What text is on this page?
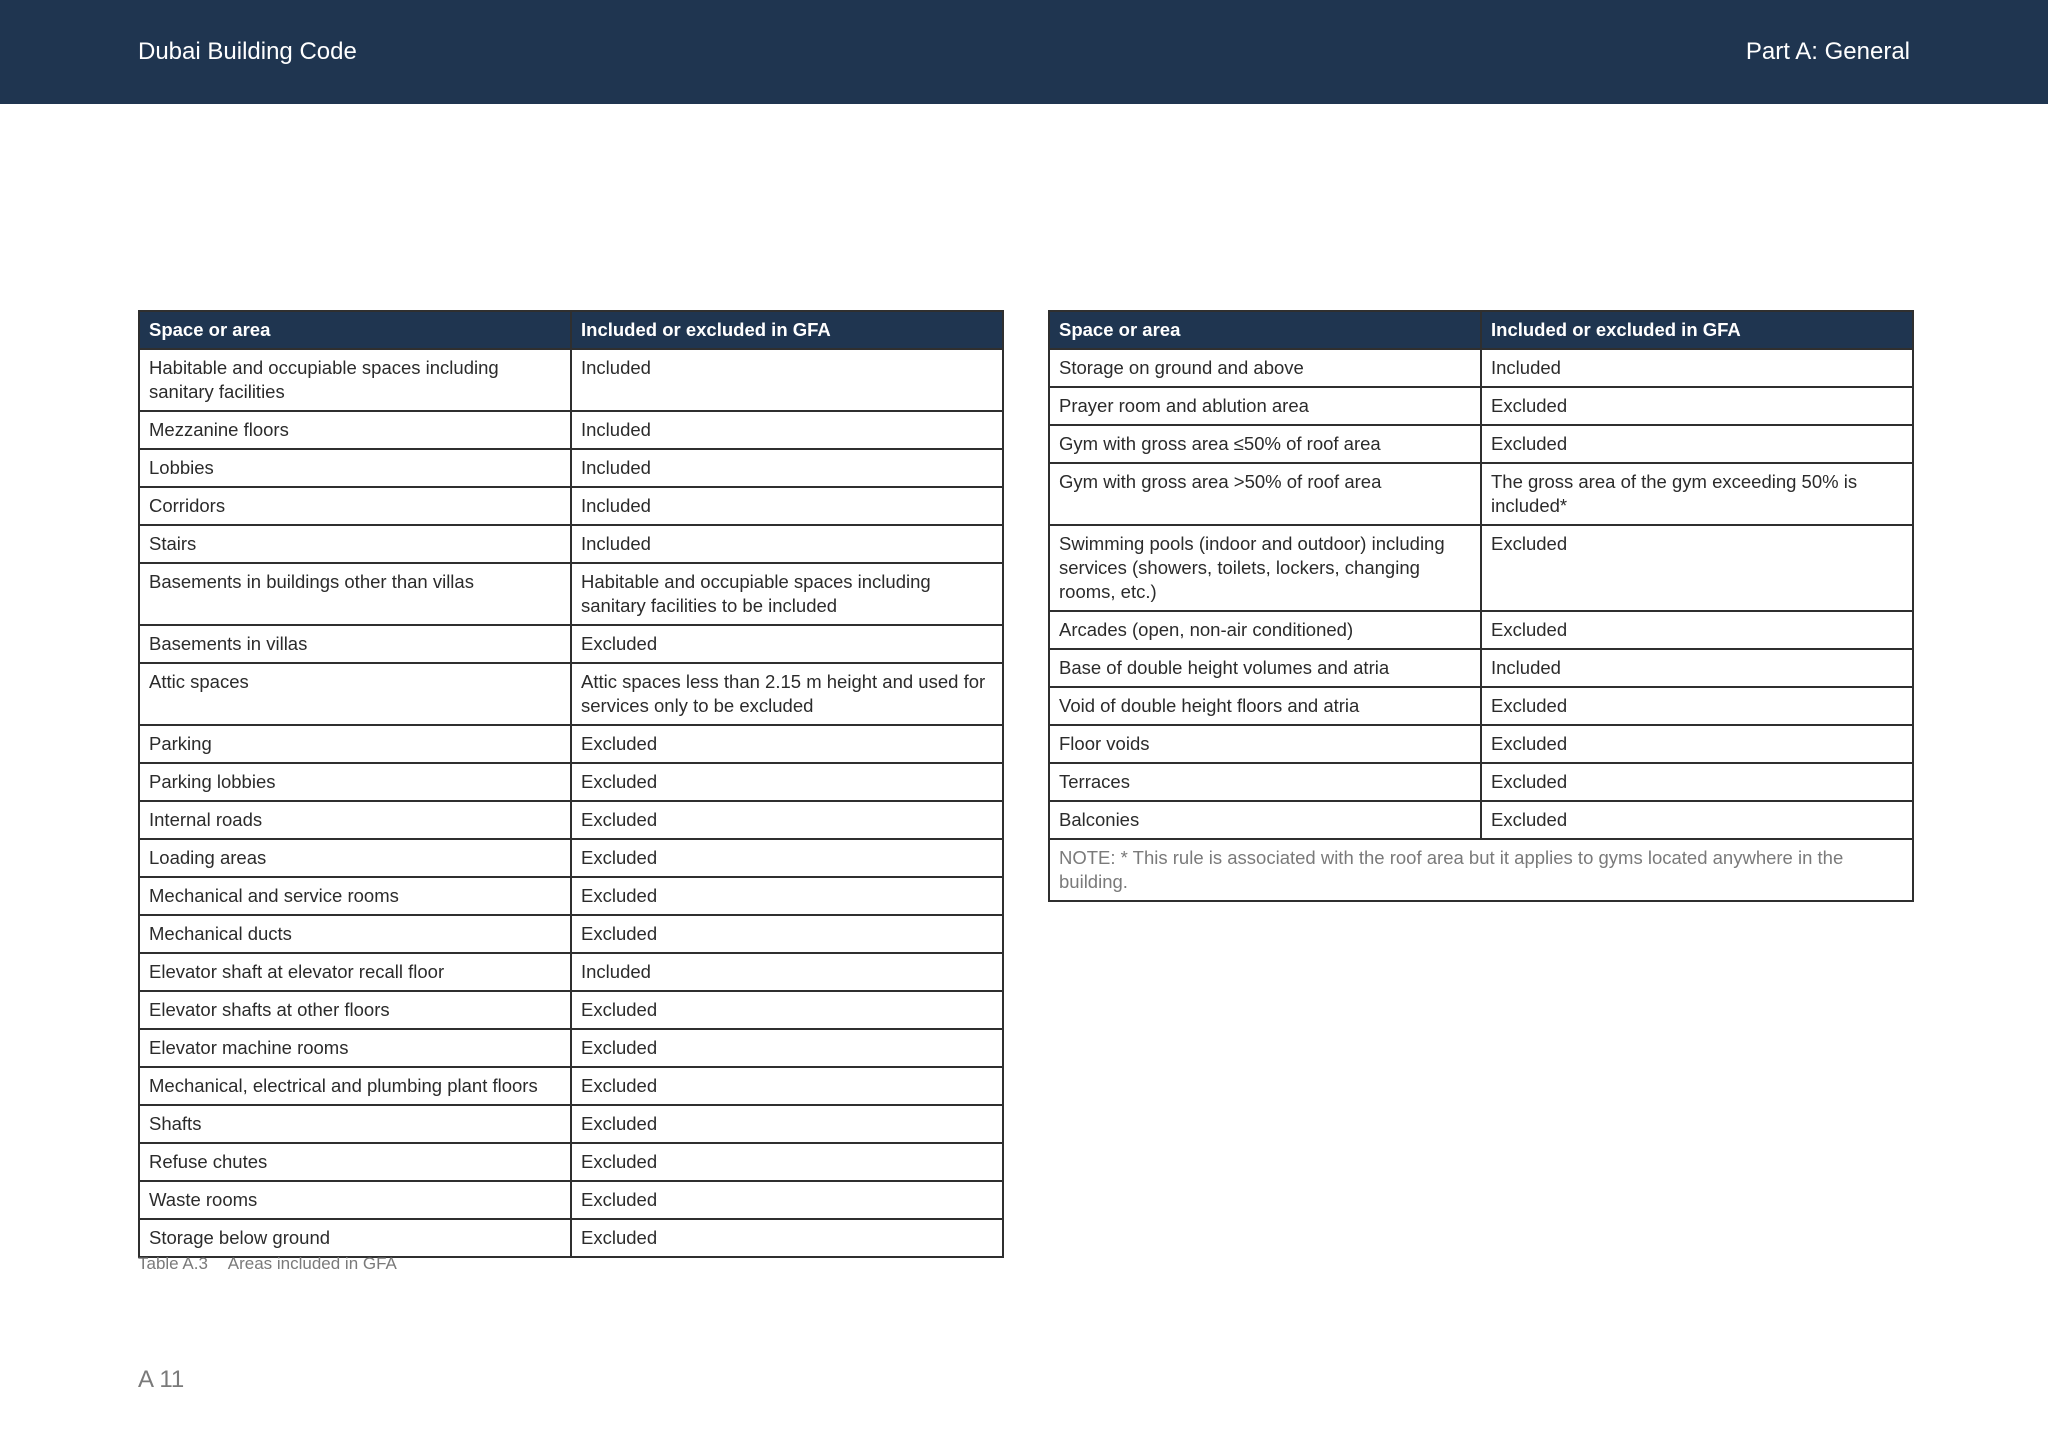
Dubai Building Code	Part A: General
Space or area	Included or excluded in GFA
Habitable and occupiable spaces including sanitary facilities	Included
Mezzanine floors	Included
Lobbies	Included
Corridors	Included
Stairs	Included
Basements in buildings other than villas	Habitable and occupiable spaces including sanitary facilities to be included
Basements in villas	Excluded
Attic spaces	Attic spaces less than 2.15 m height and used for services only to be excluded
Parking	Excluded
Parking lobbies	Excluded
Internal roads	Excluded
Loading areas	Excluded
Mechanical and service rooms	Excluded
Mechanical ducts	Excluded
Elevator shaft at elevator recall floor	Included
Elevator shafts at other floors	Excluded
Elevator machine rooms	Excluded
Mechanical, electrical and plumbing plant floors	Excluded
Shafts	Excluded
Refuse chutes	Excluded
Waste rooms	Excluded
Storage below ground	Excluded
Space or area	Included or excluded in GFA
Storage on ground and above	Included
Prayer room and ablution area	Excluded
Gym with gross area ≤50% of roof area	Excluded
Gym with gross area >50% of roof area	The gross area of the gym exceeding 50% is included*
Swimming pools (indoor and outdoor) including services (showers, toilets, lockers, changing rooms, etc.)	Excluded
Arcades (open, non-air conditioned)	Excluded
Base of double height volumes and atria	Included
Void of double height floors and atria	Excluded
Floor voids	Excluded
Terraces	Excluded
Balconies	Excluded
NOTE: * This rule is associated with the roof area but it applies to gyms located anywhere in the building.	
Table A.3 Areas included in GFA
A 11
